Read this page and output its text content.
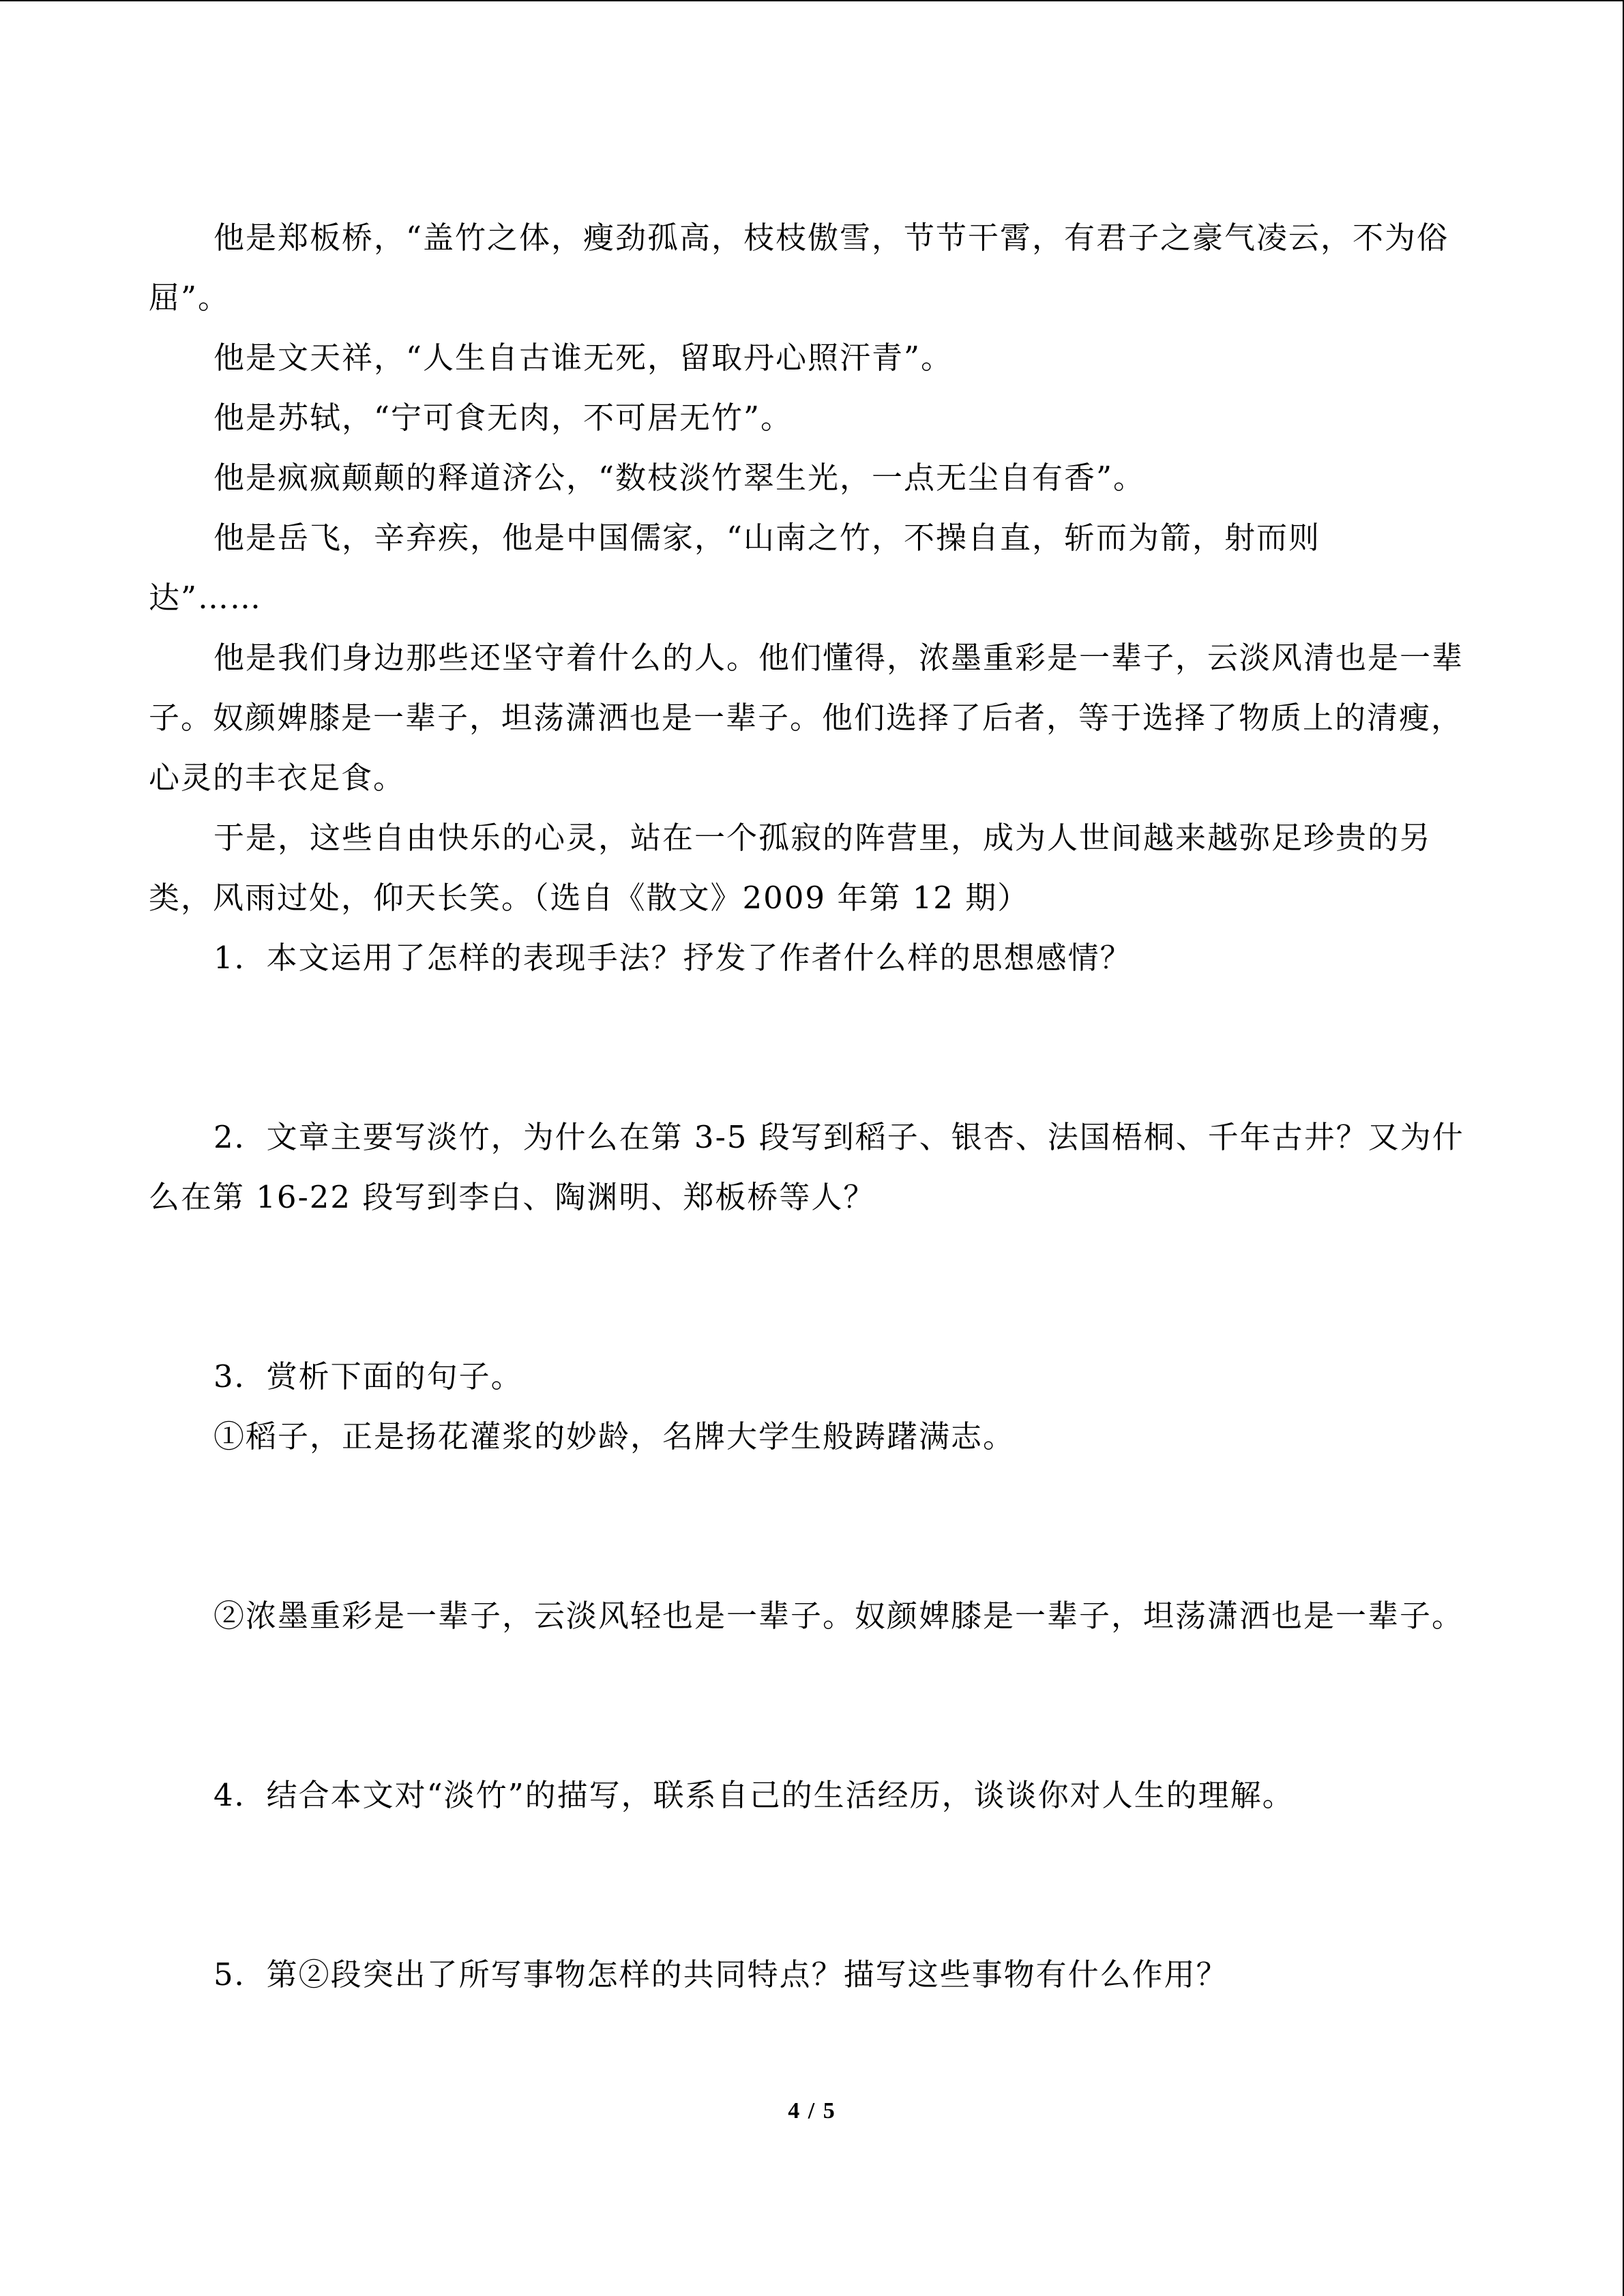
他是郑板桥，“盖竹之体，瘦劲孤高，枝枝傲雪，节节干霄，有君子之豪气凌云，不为俗屈”。

他是文天祥，“人生自古谁无死，留取丹心照汗青”。

他是苏轼，“宁可食无肉，不可居无竹”。

他是疯疯颠颠的释道济公，“数枝淡竹翠生光，一点无尘自有香”。

他是岳飞，辛弃疾，他是中国儒家，“山南之竹，不操自直，斩而为箭，射而则达”……

他是我们身边那些还坚守着什么的人。他们懂得，浓墨重彩是一辈子，云淡风清也是一辈子。奴颜婢膝是一辈子，坦荡潇洒也是一辈子。他们选择了后者，等于选择了物质上的清瘦，心灵的丰衣足食。

于是，这些自由快乐的心灵，站在一个孤寂的阵营里，成为人世间越来越弥足珍贵的另类，风雨过处，仰天长笑。（选自《散文》2009 年第 12 期）

1．本文运用了怎样的表现手法？抒发了作者什么样的思想感情？

2．文章主要写淡竹，为什么在第 3-5 段写到稻子、银杏、法国梧桐、千年古井？又为什么在第 16-22 段写到李白、陶渊明、郑板桥等人？

3．赏析下面的句子。

①稻子，正是扬花灌浆的妙龄，名牌大学生般踌躇满志。

②浓墨重彩是一辈子，云淡风轻也是一辈子。奴颜婢膝是一辈子，坦荡潇洒也是一辈子。

4．结合本文对“淡竹”的描写，联系自己的生活经历，谈谈你对人生的理解。

5．第②段突出了所写事物怎样的共同特点？描写这些事物有什么作用？

4 / 5
